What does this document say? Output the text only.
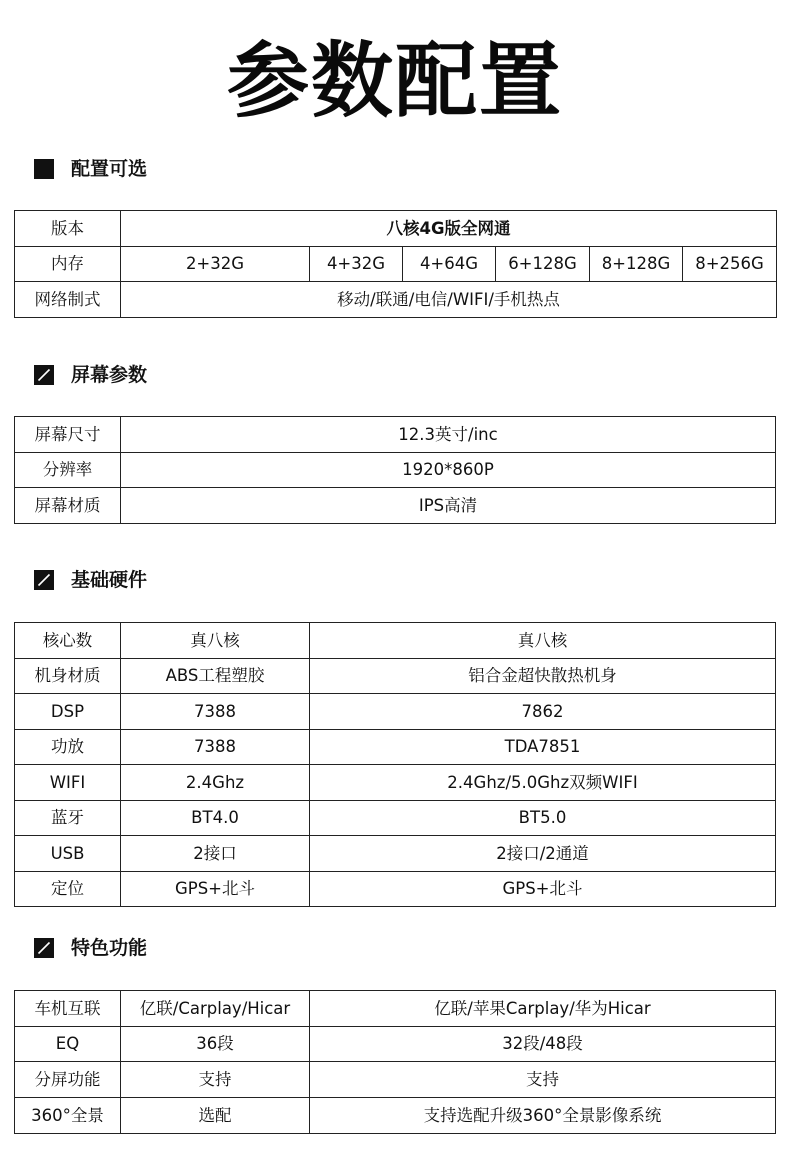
参数配置
配置可选
版本	八核4G版全网通					
内存	2+32G	4+32G	4+64G	6+128G	8+128G	8+256G
网络制式	移动/联通/电信/WIFI/手机热点					
屏幕参数
屏幕尺寸	12.3英寸/inc
分辨率	1920*860P
屏幕材质	IPS高清
基础硬件
核心数	真八核	真八核
机身材质	ABS工程塑胶	铝合金超快散热机身
DSP	7388	7862
功放	7388	TDA7851
WIFI	2.4Ghz	2.4Ghz/5.0Ghz双频WIFI
蓝牙	BT4.0	BT5.0
USB	2接口	2接口/2通道
定位	GPS+北斗	GPS+北斗
特色功能
车机互联	亿联/Carplay/Hicar	亿联/苹果Carplay/华为Hicar
EQ	36段	32段/48段
分屏功能	支持	支持
360°全景	选配	支持选配升级360°全景影像系统
